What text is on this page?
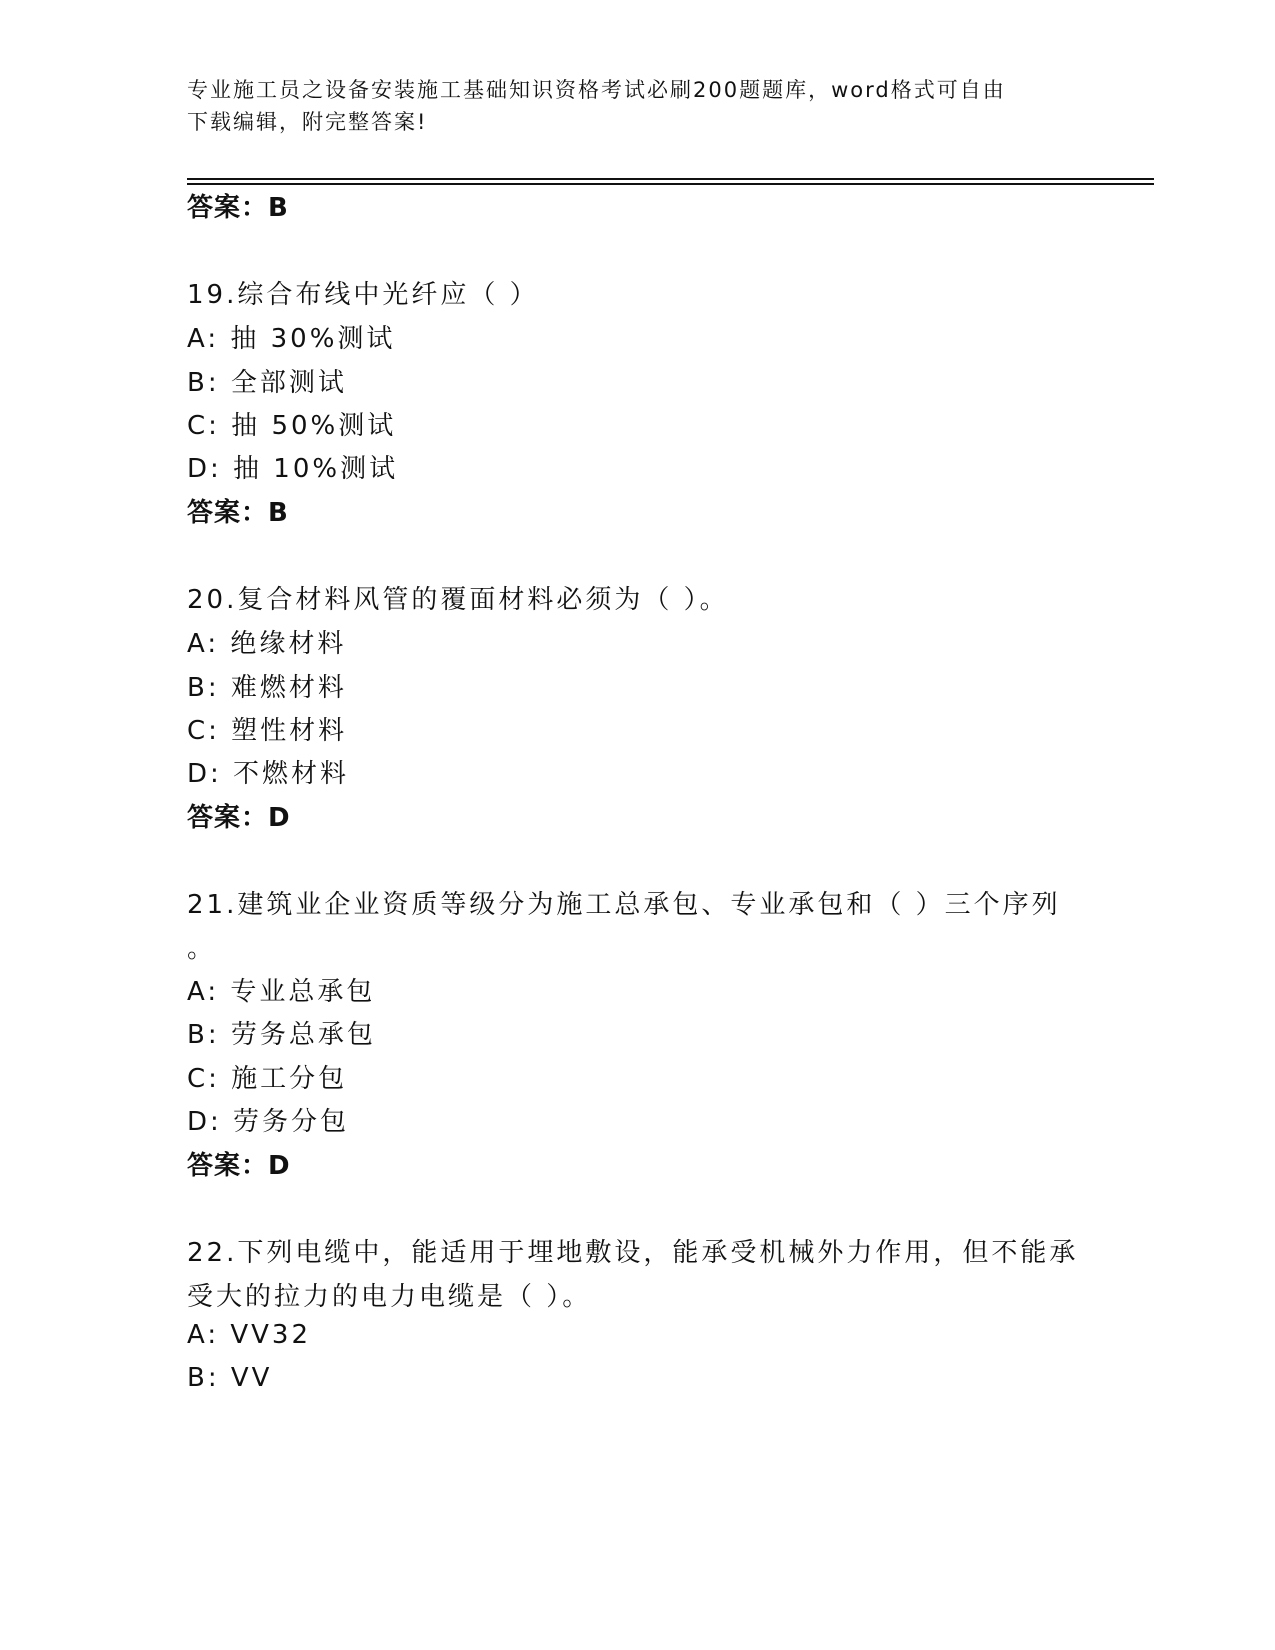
专业施工员之设备安装施工基础知识资格考试必刷200题题库，word格式可自由
下载编辑，附完整答案!
答案：B
19.综合布线中光纤应（ ）
A: 抽 30%测试
B: 全部测试
C: 抽 50%测试
D: 抽 10%测试
答案：B
20.复合材料风管的覆面材料必须为（ ）。
A: 绝缘材料
B: 难燃材料
C: 塑性材料
D: 不燃材料
答案：D
21.建筑业企业资质等级分为施工总承包、专业承包和（ ）三个序列
。
A: 专业总承包
B: 劳务总承包
C: 施工分包
D: 劳务分包
答案：D
22.下列电缆中，能适用于埋地敷设，能承受机械外力作用，但不能承
受大的拉力的电力电缆是（ ）。
A: VV32
B: VV
